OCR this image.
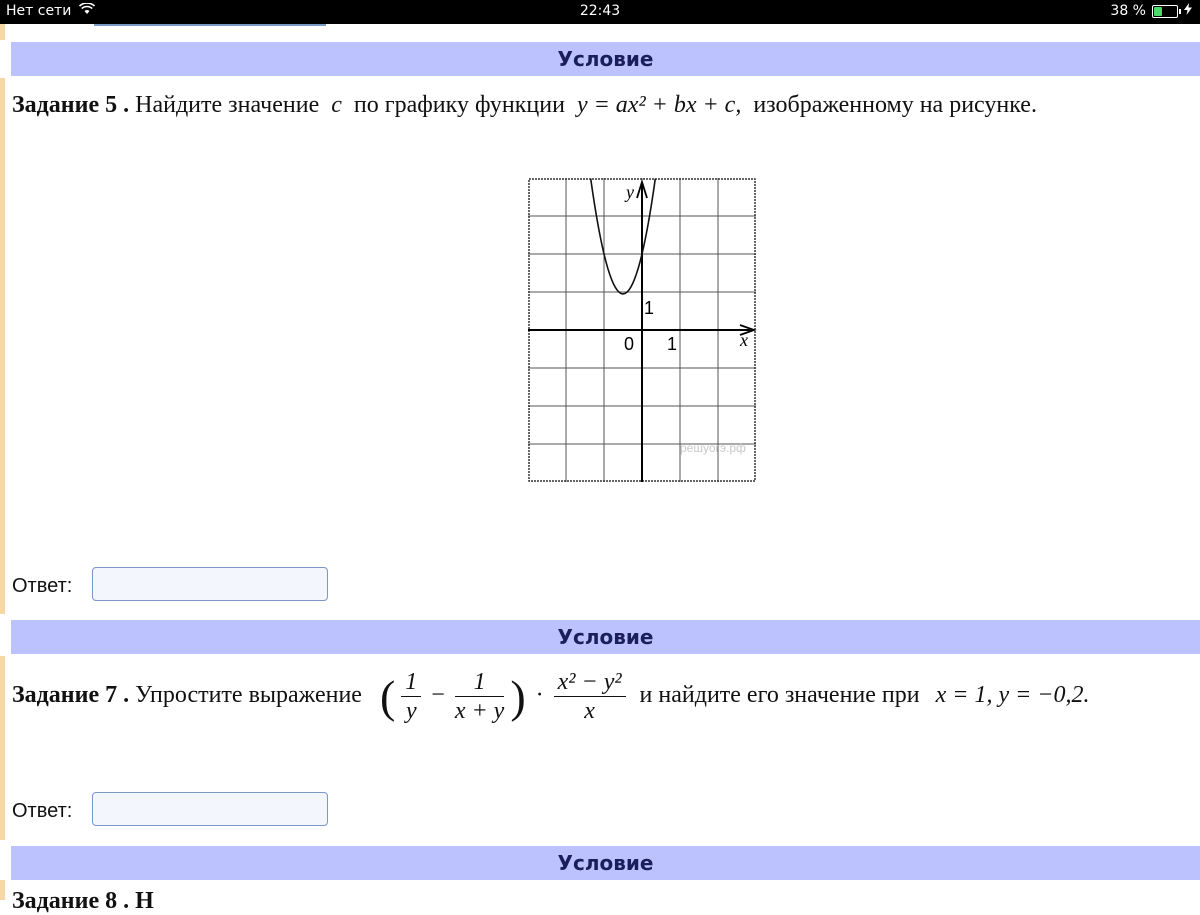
Нет сети	22:43	38 %
Условие
Задание 5 . Найдите значение c по графику функции y = ax² + bx + c, изображенному на рисунке.
y
x
0 1
1
решуогэ.рф
Ответ:
Условие
Задание 7 . Упростите выражение ( $\frac{1}{y} - \frac{1}{x + y}$ ) · $\frac{\text{x² − y²}}{x}$ и найдите его значение при x = 1, y = −0,2.
Ответ:
Условие
Задание 8 . Н
